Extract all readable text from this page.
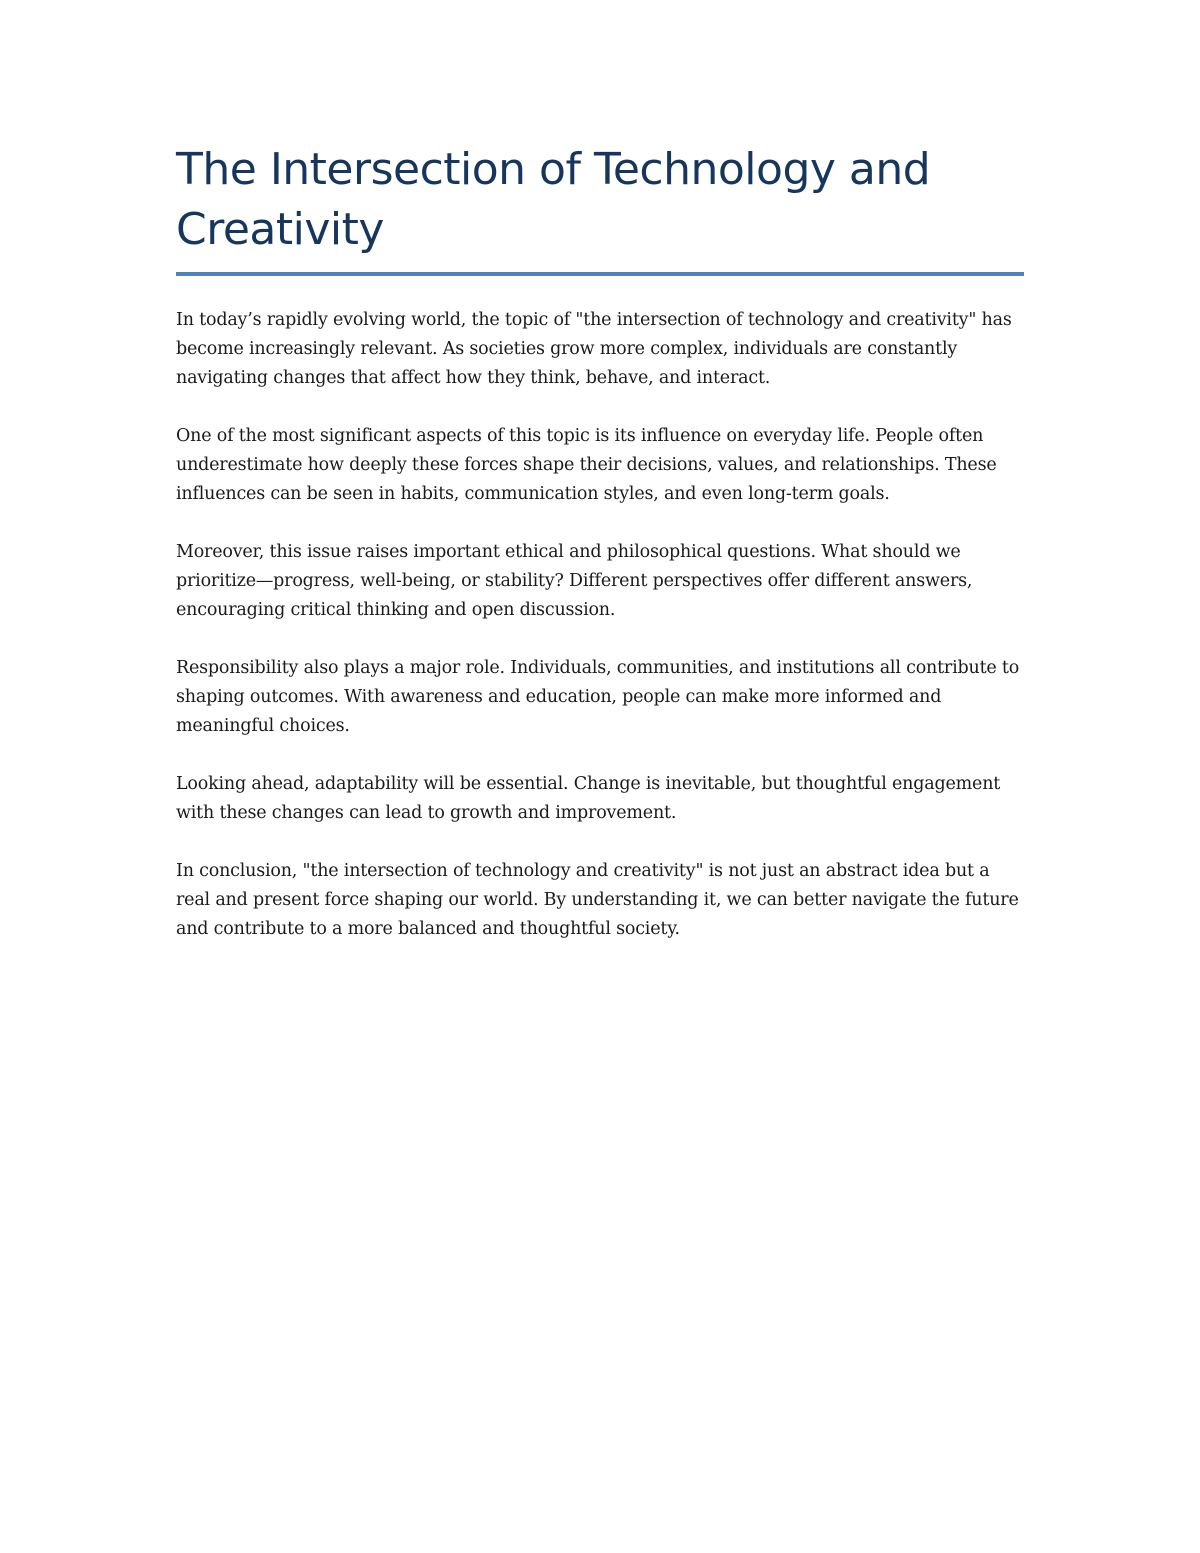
The Intersection of Technology and Creativity

In today’s rapidly evolving world, the topic of "the intersection of technology and creativity" has become increasingly relevant. As societies grow more complex, individuals are constantly navigating changes that affect how they think, behave, and interact.

One of the most significant aspects of this topic is its influence on everyday life. People often underestimate how deeply these forces shape their decisions, values, and relationships. These influences can be seen in habits, communication styles, and even long-term goals.

Moreover, this issue raises important ethical and philosophical questions. What should we prioritize—progress, well-being, or stability? Different perspectives offer different answers, encouraging critical thinking and open discussion.

Responsibility also plays a major role. Individuals, communities, and institutions all contribute to shaping outcomes. With awareness and education, people can make more informed and meaningful choices.

Looking ahead, adaptability will be essential. Change is inevitable, but thoughtful engagement with these changes can lead to growth and improvement.

In conclusion, "the intersection of technology and creativity" is not just an abstract idea but a real and present force shaping our world. By understanding it, we can better navigate the future and contribute to a more balanced and thoughtful society.
